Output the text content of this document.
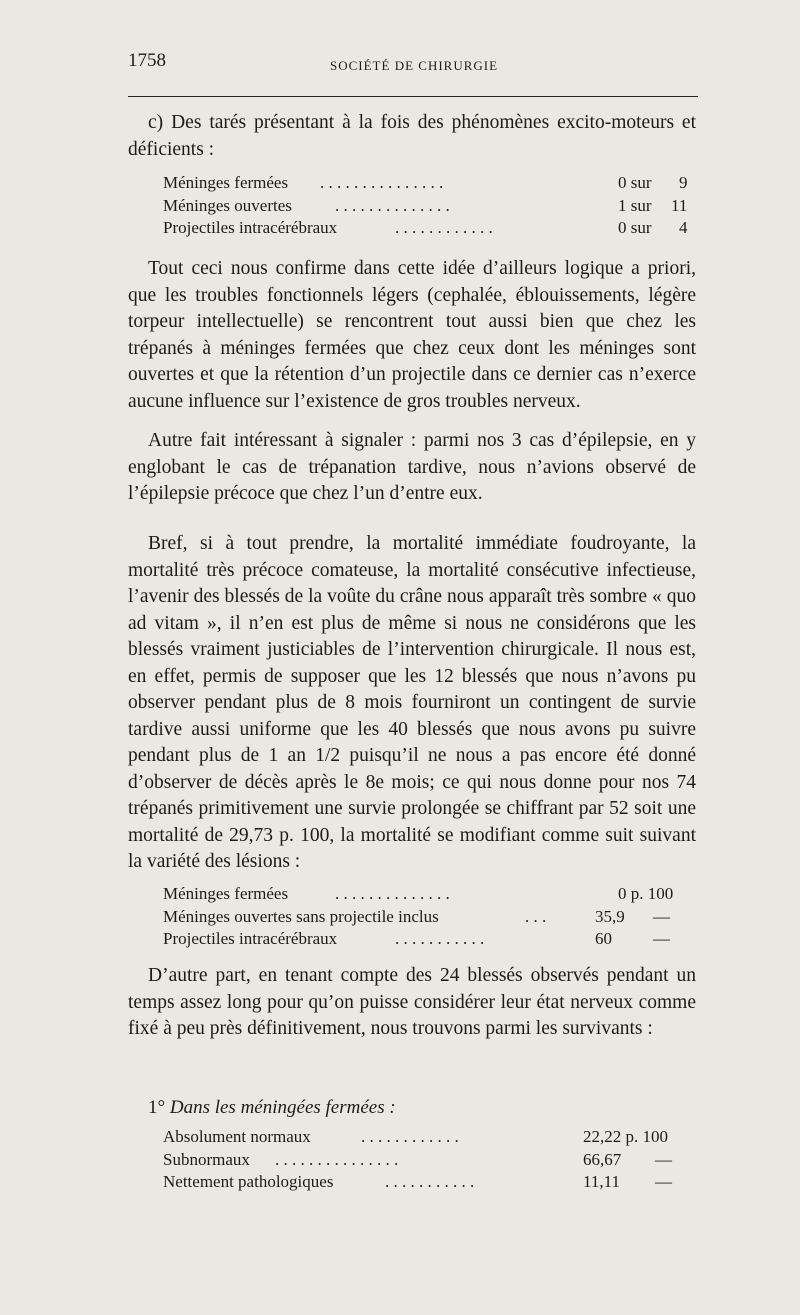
1758	SOCIÉTÉ DE CHIRURGIE

c) Des tarés présentant à la fois des phénomènes excito-moteurs et déficients :

Méninges fermées . . . . . . . . . . . . . . .	0 sur 9
Méninges ouvertes	. . . . . . . . . . . . . .	1 sur 11
Projectiles intracérébraux	. . . . . . . . . . . .	0 sur 4

Tout ceci nous confirme dans cette idée d’ailleurs logique a priori, que les troubles fonctionnels légers (cephalée, éblouissements, légère torpeur intellectuelle) se rencontrent tout aussi bien que chez les trépanés à méninges fermées que chez ceux dont les méninges sont ouvertes et que la rétention d’un projectile dans ce dernier cas n’exerce aucune influence sur l’existence de gros troubles nerveux.

Autre fait intéressant à signaler : parmi nos 3 cas d’épilepsie, en y englobant le cas de trépanation tardive, nous n’avions observé de l’épilepsie précoce que chez l’un d’entre eux.

Bref, si à tout prendre, la mortalité immédiate foudroyante, la mortalité très précoce comateuse, la mortalité consécutive infectieuse, l’avenir des blessés de la voûte du crâne nous apparaît très sombre « quo ad vitam », il n’en est plus de même si nous ne considérons que les blessés vraiment justiciables de l’intervention chirurgicale. Il nous est, en effet, permis de supposer que les 12 blessés que nous n’avons pu observer pendant plus de 8 mois fourniront un contingent de survie tardive aussi uniforme que les 40 blessés que nous avons pu suivre pendant plus de 1 an 1/2 puisqu’il ne nous a pas encore été donné d’observer de décès après le 8e mois; ce qui nous donne pour nos 74 trépanés primitivement une survie prolongée se chiffrant par 52 soit une mortalité de 29,73 p. 100, la mortalité se modifiant comme suit suivant la variété des lésions :

Méninges fermées	. . . . . . . . . . . . . .	0 p. 100
Méninges ouvertes sans projectile inclus	. . .	35,9 —
Projectiles intracérébraux	. . . . . . . . . . .	60 —

D’autre part, en tenant compte des 24 blessés observés pendant un temps assez long pour qu’on puisse considérer leur état nerveux comme fixé à peu près définitivement, nous trouvons parmi les survivants :

1° Dans les méningées fermées :
Absolument normaux	. . . . . . . . . . . .	22,22 p. 100
Subnormaux . . . . . . . . . . . . . . .	66,67 —
Nettement pathologiques	. . . . . . . . . . .	11,11 —
